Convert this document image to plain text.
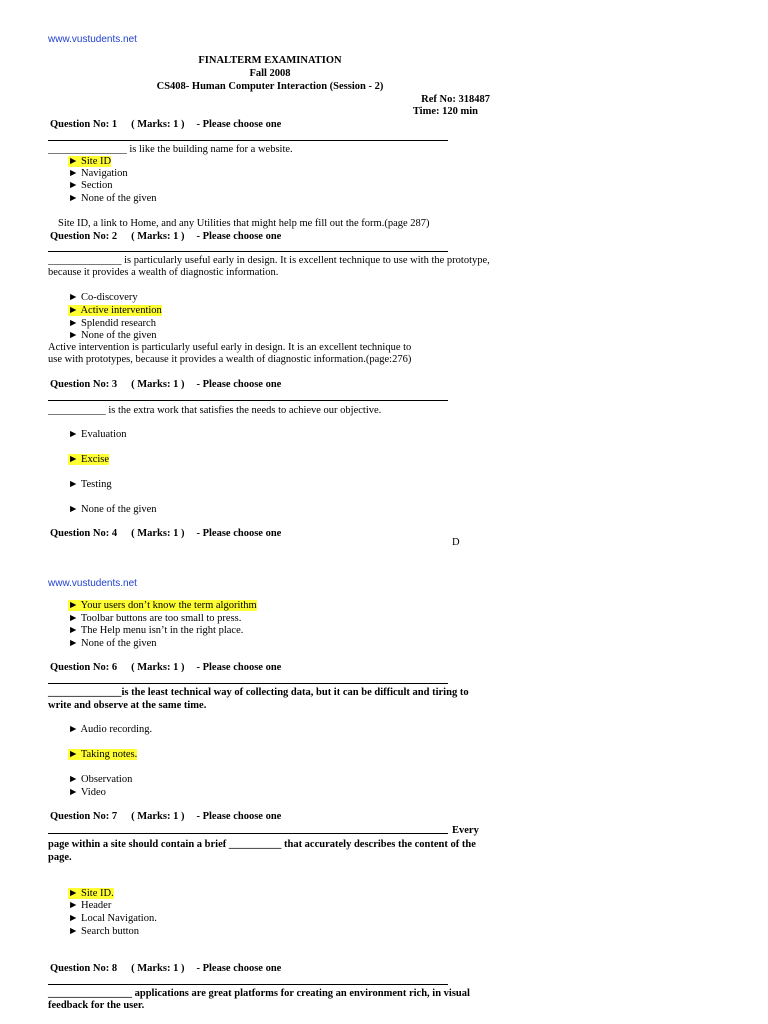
www.vustudents.net
FINALTERM EXAMINATION
Fall 2008
CS408- Human Computer Interaction (Session - 2)
Ref No: 318487
Time: 120 min
Question No: 1 ( Marks: 1 ) - Please choose one
_______________ is like the building name for a website.
► Site ID
► Navigation
► Section
► None of the given
Site ID, a link to Home, and any Utilities that might help me fill out the form.(page 287)
Question No: 2 ( Marks: 1 ) - Please choose one
______________ is particularly useful early in design. It is excellent technique to use with the prototype,
because it provides a wealth of diagnostic information.
► Co-discovery
► Active intervention
► Splendid research
► None of the given
Active intervention is particularly useful early in design. It is an excellent technique to
use with prototypes, because it provides a wealth of diagnostic information.(page:276)
Question No: 3 ( Marks: 1 ) - Please choose one
___________ is the extra work that satisfies the needs to achieve our objective.
► Evaluation
► Excise
► Testing
► None of the given
Question No: 4 ( Marks: 1 ) - Please choose one
D
www.vustudents.net
► Your users don’t know the term algorithm
► Toolbar buttons are too small to press.
► The Help menu isn’t in the right place.
► None of the given
Question No: 6 ( Marks: 1 ) - Please choose one
______________is the least technical way of collecting data, but it can be difficult and tiring to
write and observe at the same time.
► Audio recording.
► Taking notes.
► Observation
► Video
Question No: 7 ( Marks: 1 ) - Please choose one
Every
page within a site should contain a brief __________ that accurately describes the content of the
page.
► Site ID.
► Header
► Local Navigation.
► Search button
Question No: 8 ( Marks: 1 ) - Please choose one
________________ applications are great platforms for creating an environment rich, in visual
feedback for the user.
